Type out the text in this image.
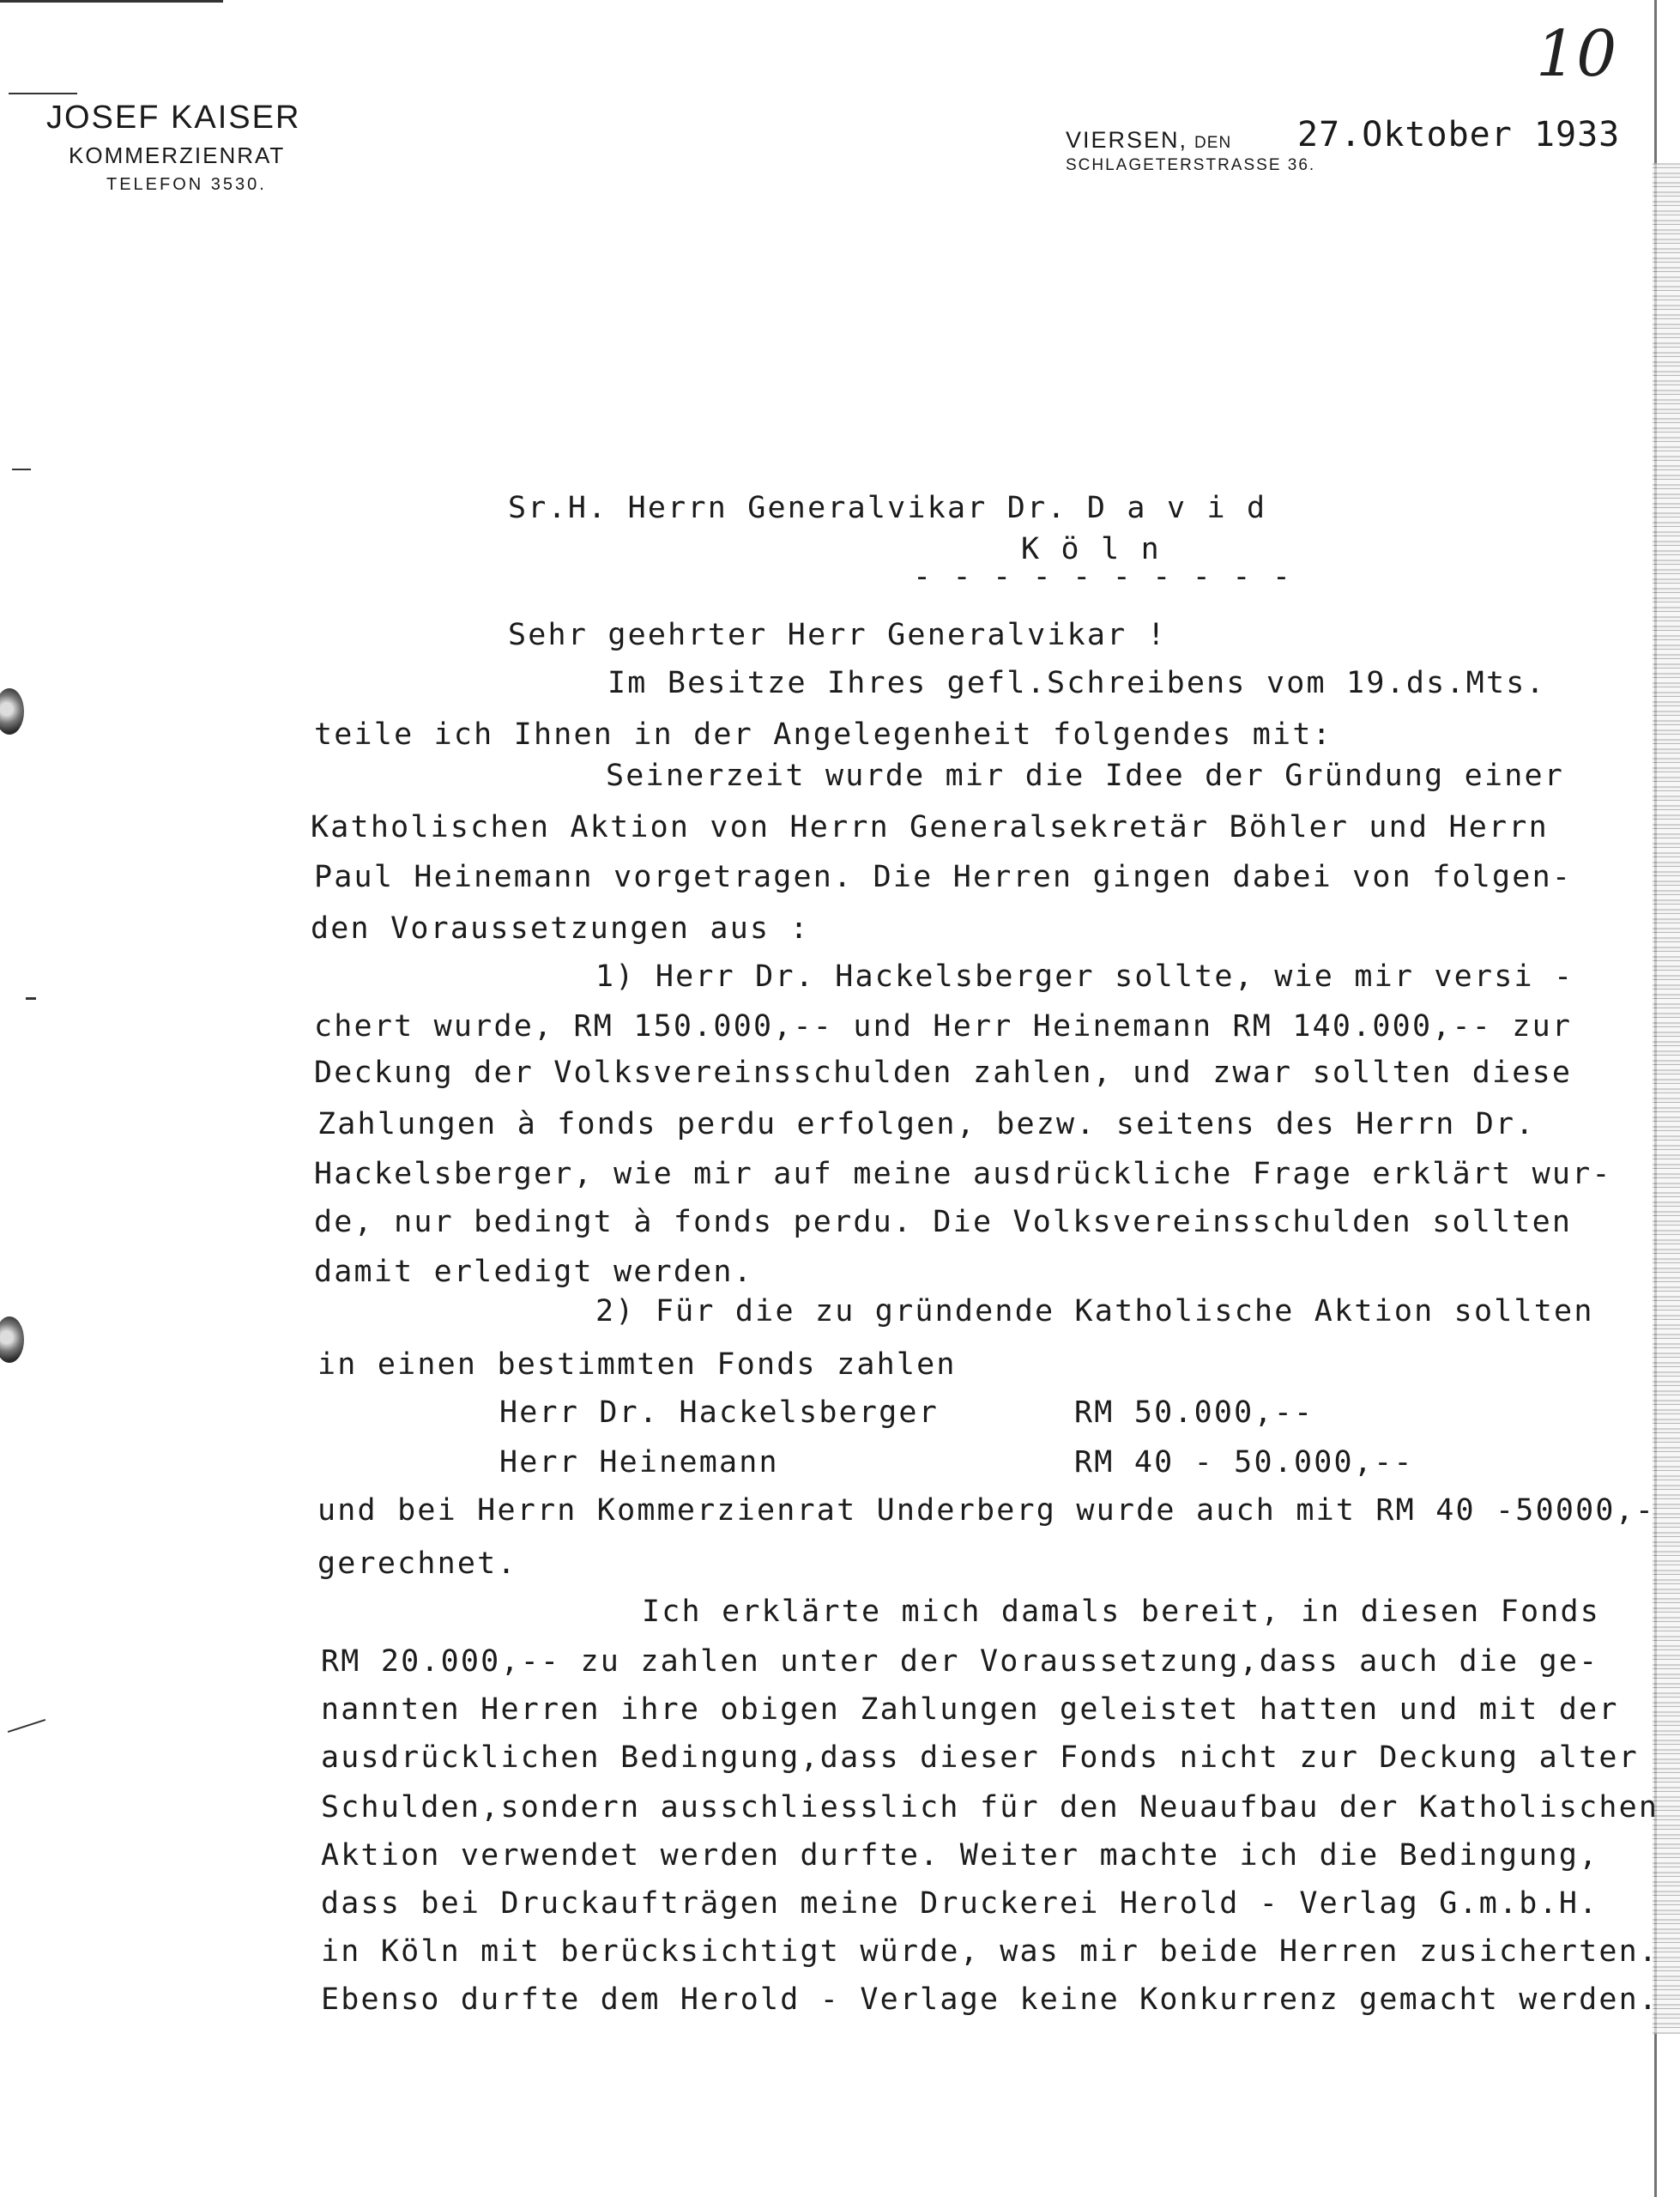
JOSEF KAISER
KOMMERZIENRAT
TELEFON 3530.
VIERSEN, DEN	27.Oktober 1933
SCHLAGETERSTRASSE 36.
10
Sr.H. Herrn Generalvikar Dr. D a v i d
K ö l n
- - - - - - - - - -
Sehr geehrter Herr Generalvikar !
Im Besitze Ihres gefl.Schreibens vom 19.ds.Mts.
teile ich Ihnen in der Angelegenheit folgendes mit:
Seinerzeit wurde mir die Idee der Gründung einer
Katholischen Aktion von Herrn Generalsekretär Böhler und Herrn
Paul Heinemann vorgetragen. Die Herren gingen dabei von folgen-
den Voraussetzungen aus :
1) Herr Dr. Hackelsberger sollte, wie mir versi -
chert wurde, RM 150.000,-- und Herr Heinemann RM 140.000,-- zur
Deckung der Volksvereinsschulden zahlen, und zwar sollten diese
Zahlungen à fonds perdu erfolgen, bezw. seitens des Herrn Dr.
Hackelsberger, wie mir auf meine ausdrückliche Frage erklärt wur-
de, nur bedingt à fonds perdu. Die Volksvereinsschulden sollten
damit erledigt werden.
2) Für die zu gründende Katholische Aktion sollten
in einen bestimmten Fonds zahlen
Herr Dr. Hackelsberger	RM 50.000,--
Herr Heinemann	RM 40 - 50.000,--
und bei Herrn Kommerzienrat Underberg wurde auch mit RM 40 -50000,-
gerechnet.
Ich erklärte mich damals bereit, in diesen Fonds
RM 20.000,-- zu zahlen unter der Voraussetzung,dass auch die ge-
nannten Herren ihre obigen Zahlungen geleistet hatten und mit der
ausdrücklichen Bedingung,dass dieser Fonds nicht zur Deckung alter
Schulden,sondern ausschliesslich für den Neuaufbau der Katholischen
Aktion verwendet werden durfte. Weiter machte ich die Bedingung,
dass bei Druckaufträgen meine Druckerei Herold - Verlag G.m.b.H.
in Köln mit berücksichtigt würde, was mir beide Herren zusicherten.
Ebenso durfte dem Herold - Verlage keine Konkurrenz gemacht werden.
